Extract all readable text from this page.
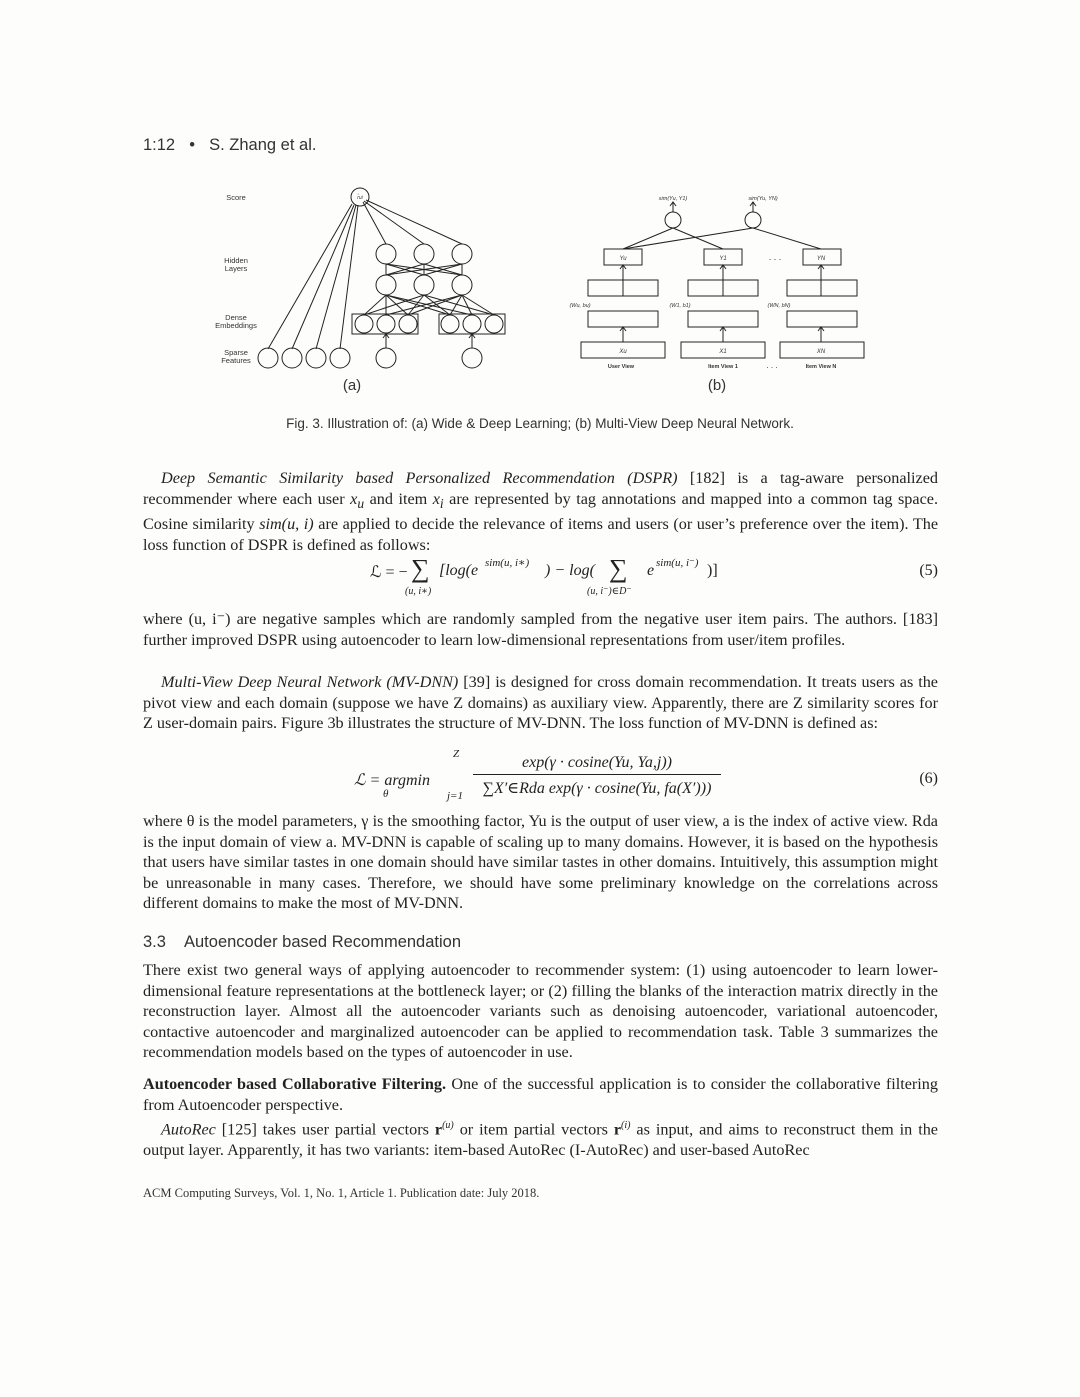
1:12 • S. Zhang et al.
Score
Hidden
Layers
Dense
Embeddings
Sparse
Features
r̂ui	sim(Yu, Y1)	sim(Yu, YN)
Yu	Y1	YN
. . .
(Wu, bu)	(W1, b1)	(WN, bN)
Xu	X1	XN
User View	Item View 1	Item View N
. . .
(a)	(b)
Fig. 3. Illustration of: (a) Wide & Deep Learning; (b) Multi-View Deep Neural Network.
Deep Semantic Similarity based Personalized Recommendation (DSPR) [182] is a tag-aware personalized recommender where each user $x_u$ and item $x_i$ are represented by tag annotations and mapped into a common tag space. Cosine similarity sim(u, i) are applied to decide the relevance of items and users (or user’s preference over the item). The loss function of DSPR is defined as follows:
ℒ = − ∑
(u, i∗)
[log(e sim(u, i∗) ) − log( ∑
(u, i⁻)∈D⁻
e sim(u, i⁻) )]	(5)
where (u, i⁻) are negative samples which are randomly sampled from the negative user item pairs. The authors. [183] further improved DSPR using autoencoder to learn low-dimensional representations from user/item profiles.
Multi-View Deep Neural Network (MV-DNN) [39] is designed for cross domain recommendation. It treats users as the pivot view and each domain (suppose we have Z domains) as auxiliary view. Apparently, there are Z similarity scores for Z user-domain pairs. Figure 3b illustrates the structure of MV-DNN. The loss function of MV-DNN is defined as:
ℒ = argmin
θ
Z
j=1
exp(γ · cosine(Yu, Ya,j))
∑X′∈Rda exp(γ · cosine(Yu, fa(X′)))
(6)
where θ is the model parameters, γ is the smoothing factor, Yu is the output of user view, a is the index of active view. Rda is the input domain of view a. MV-DNN is capable of scaling up to many domains. However, it is based on the hypothesis that users have similar tastes in one domain should have similar tastes in other domains. Intuitively, this assumption might be unreasonable in many cases. Therefore, we should have some preliminary knowledge on the correlations across different domains to make the most of MV-DNN.
3.3 Autoencoder based Recommendation
There exist two general ways of applying autoencoder to recommender system: (1) using autoencoder to learn lower-dimensional feature representations at the bottleneck layer; or (2) filling the blanks of the interaction matrix directly in the reconstruction layer. Almost all the autoencoder variants such as denoising autoencoder, variational autoencoder, contactive autoencoder and marginalized autoencoder can be applied to recommendation task. Table 3 summarizes the recommendation models based on the types of autoencoder in use.
Autoencoder based Collaborative Filtering. One of the successful application is to consider the collaborative filtering from Autoencoder perspective.
AutoRec [125] takes user partial vectors $r^{(u)}$ or item partial vectors $r^{(i)}$ as input, and aims to reconstruct them in the output layer. Apparently, it has two variants: item-based AutoRec (I-AutoRec) and user-based AutoRec
ACM Computing Surveys, Vol. 1, No. 1, Article 1. Publication date: July 2018.
